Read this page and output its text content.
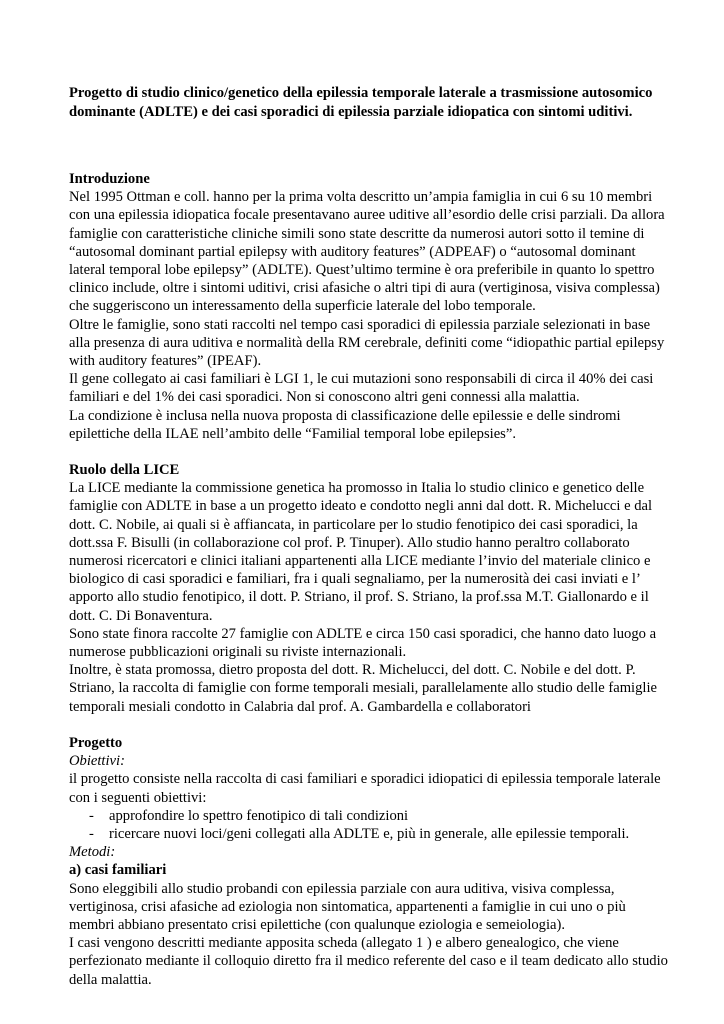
Progetto di studio clinico/genetico della epilessia temporale laterale a trasmissione autosomico dominante (ADLTE) e dei casi sporadici di epilessia parziale idiopatica con sintomi uditivi.

Introduzione

Nel 1995 Ottman e coll. hanno per la prima volta descritto un’ampia famiglia in cui 6 su 10 membri con una epilessia idiopatica focale presentavano auree uditive all’esordio delle crisi parziali. Da allora famiglie con caratteristiche cliniche simili sono state descritte da numerosi autori sotto il temine di “autosomal dominant partial epilepsy with auditory features” (ADPEAF) o “autosomal dominant lateral temporal lobe epilepsy” (ADLTE). Quest’ultimo termine è ora preferibile in quanto lo spettro clinico include, oltre i sintomi uditivi, crisi afasiche o altri tipi di aura (vertiginosa, visiva complessa) che suggeriscono un interessamento della superficie laterale del lobo temporale.

Oltre le famiglie, sono stati raccolti nel tempo casi sporadici di epilessia parziale selezionati in base alla presenza di aura uditiva e normalità della RM cerebrale, definiti come “idiopathic partial epilepsy with auditory features” (IPEAF).

Il gene collegato ai casi familiari è LGI 1, le cui mutazioni sono responsabili di circa il 40% dei casi familiari e del 1% dei casi sporadici. Non si conoscono altri geni connessi alla malattia.

La condizione è inclusa nella nuova proposta di classificazione delle epilessie e delle sindromi epilettiche della ILAE nell’ambito delle “Familial temporal lobe epilepsies”.

Ruolo della LICE

La LICE mediante la commissione genetica ha promosso in Italia lo studio clinico e genetico delle famiglie con ADLTE in base a un progetto ideato e condotto negli anni dal dott. R. Michelucci e dal dott. C. Nobile, ai quali si è affiancata, in particolare per lo studio fenotipico dei casi sporadici, la dott.ssa F. Bisulli (in collaborazione col prof. P. Tinuper). Allo studio hanno peraltro collaborato numerosi ricercatori e clinici italiani appartenenti alla LICE mediante l’invio del materiale clinico e biologico di casi sporadici e familiari, fra i quali segnaliamo, per la numerosità dei casi inviati e l’ apporto allo studio fenotipico, il dott. P. Striano, il prof. S. Striano, la prof.ssa M.T. Giallonardo e il dott. C. Di Bonaventura.

Sono state finora raccolte 27 famiglie con ADLTE e circa 150 casi sporadici, che hanno dato luogo a numerose pubblicazioni originali su riviste internazionali.

Inoltre, è stata promossa, dietro proposta del dott. R. Michelucci, del dott. C. Nobile e del dott. P. Striano, la raccolta di famiglie con forme temporali mesiali, parallelamente allo studio delle famiglie temporali mesiali condotto in Calabria dal prof. A. Gambardella e collaboratori

Progetto

Obiettivi:

il progetto consiste nella raccolta di casi familiari e sporadici idiopatici di epilessia temporale laterale con i seguenti obiettivi:

- approfondire lo spettro fenotipico di tali condizioni
- ricercare nuovi loci/geni collegati alla ADLTE e, più in generale, alle epilessie temporali.

Metodi:

a) casi familiari

Sono eleggibili allo studio probandi con epilessia parziale con aura uditiva, visiva complessa, vertiginosa, crisi afasiche ad eziologia non sintomatica, appartenenti a famiglie in cui uno o più membri abbiano presentato crisi epilettiche (con qualunque eziologia e semeiologia).

I casi vengono descritti mediante apposita scheda (allegato 1 ) e albero genealogico, che viene perfezionato mediante il colloquio diretto fra il medico referente del caso e il team dedicato allo studio della malattia.
